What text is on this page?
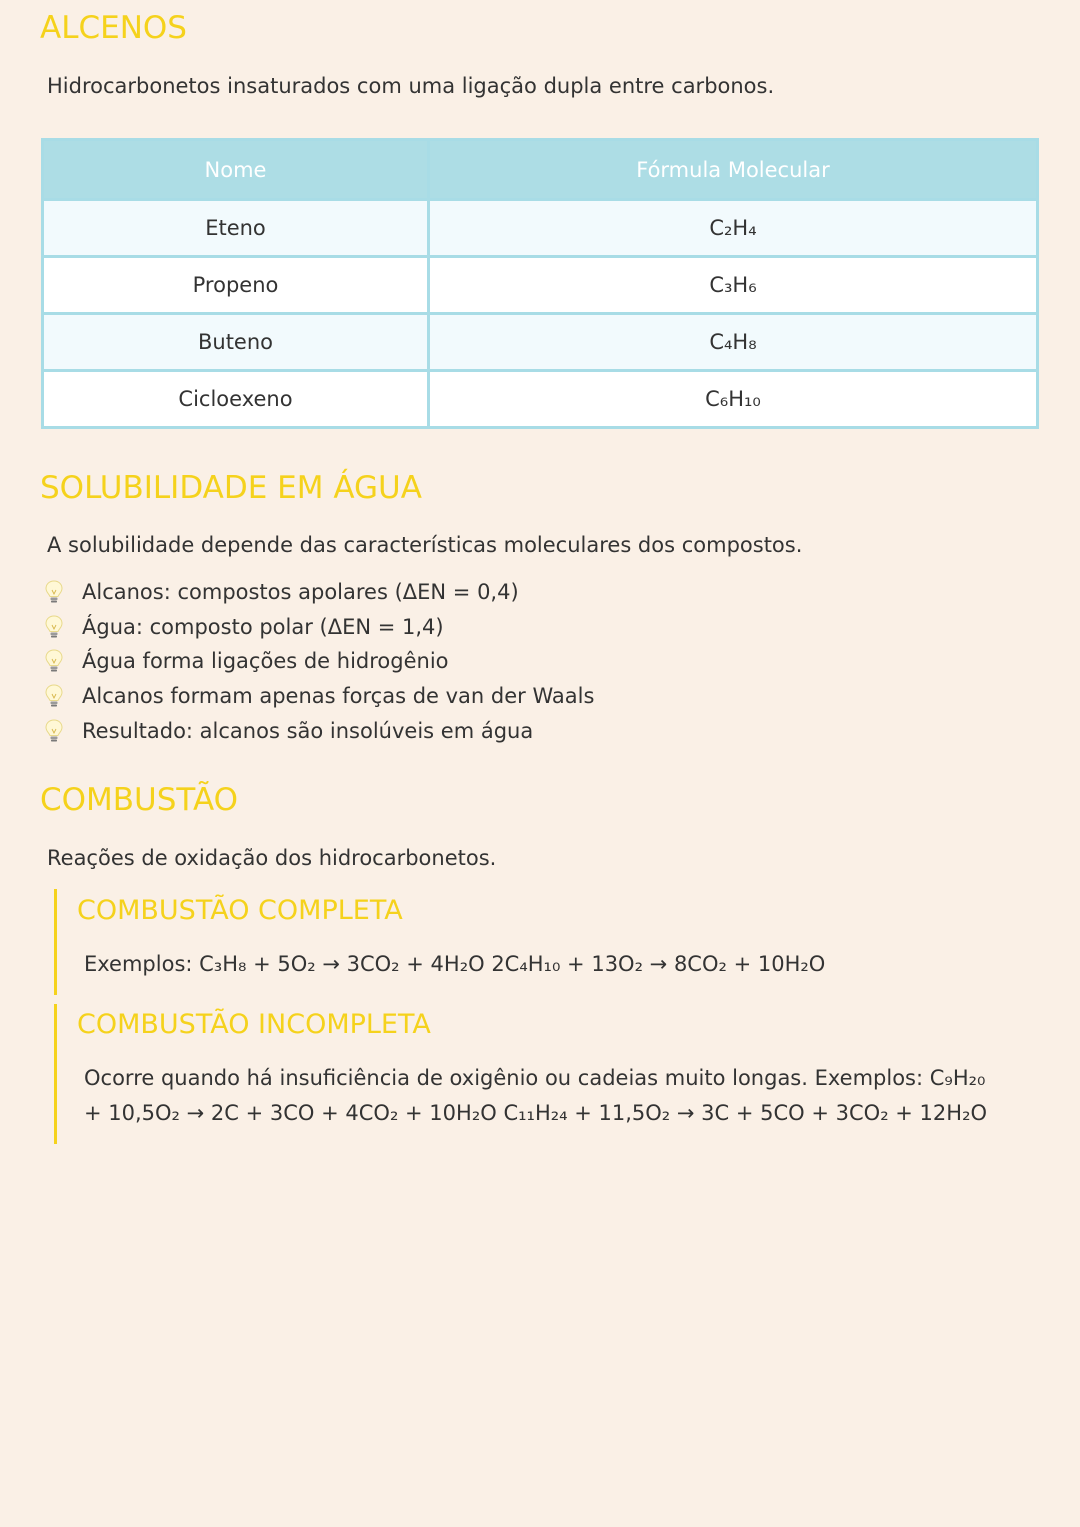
ALCENOS
Hidrocarbonetos insaturados com uma ligação dupla entre carbonos.
Nome	Fórmula Molecular
Eteno	C₂H₄
Propeno	C₃H₆
Buteno	C₄H₈
Cicloexeno	C₆H₁₀
SOLUBILIDADE EM ÁGUA
A solubilidade depende das características moleculares dos compostos.
Alcanos: compostos apolares (ΔEN = 0,4)
Água: composto polar (ΔEN = 1,4)
Água forma ligações de hidrogênio
Alcanos formam apenas forças de van der Waals
Resultado: alcanos são insolúveis em água
COMBUSTÃO
Reações de oxidação dos hidrocarbonetos.
COMBUSTÃO COMPLETA
Exemplos: C₃H₈ + 5O₂ → 3CO₂ + 4H₂O 2C₄H₁₀ + 13O₂ → 8CO₂ + 10H₂O
COMBUSTÃO INCOMPLETA
Ocorre quando há insuficiência de oxigênio ou cadeias muito longas. Exemplos: C₉H₂₀ + 10,5O₂ → 2C + 3CO + 4CO₂ + 10H₂O C₁₁H₂₄ + 11,5O₂ → 3C + 5CO + 3CO₂ + 12H₂O
